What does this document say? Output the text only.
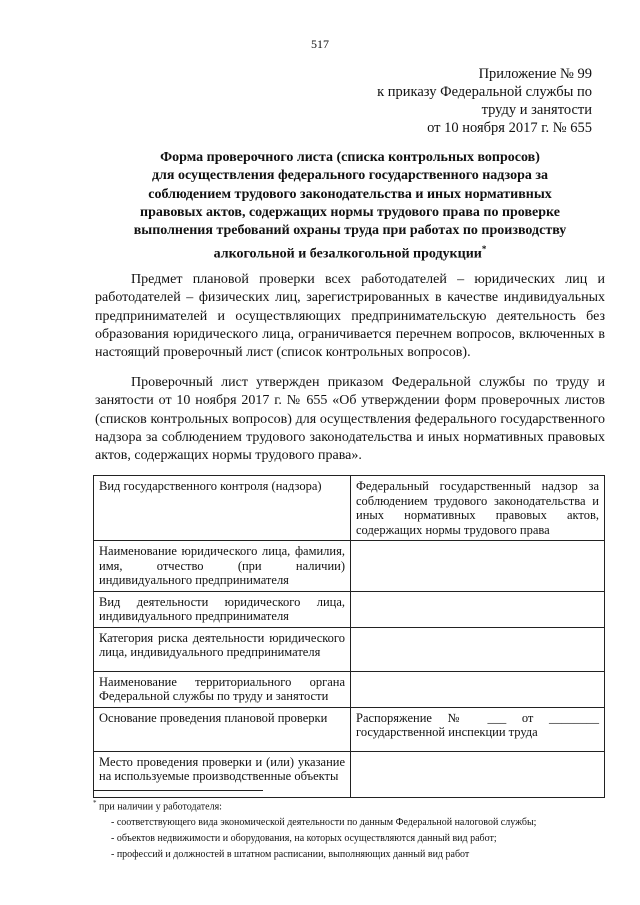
517
Приложение № 99
к приказу Федеральной службы по
труду и занятости
от 10 ноября 2017 г. № 655
Форма проверочного листа (списка контрольных вопросов)
для осуществления федерального государственного надзора за
соблюдением трудового законодательства и иных нормативных
правовых актов, содержащих нормы трудового права по проверке
выполнения требований охраны труда при работах по производству
алкогольной и безалкогольной продукции*
Предмет плановой проверки всех работодателей – юридических лиц и работодателей – физических лиц, зарегистрированных в качестве индивидуальных предпринимателей и осуществляющих предпринимательскую деятельность без образования юридического лица, ограничивается перечнем вопросов, включенных в настоящий проверочный лист (список контрольных вопросов).
Проверочный лист утвержден приказом Федеральной службы по труду и занятости от 10 ноября 2017 г. № 655 «Об утверждении форм проверочных листов (списков контрольных вопросов) для осуществления федерального государственного надзора за соблюдением трудового законодательства и иных нормативных правовых актов, содержащих нормы трудового права».
Вид государственного контроля (надзора)	Федеральный государственный надзор за соблюдением трудового законодательства и иных нормативных правовых актов, содержащих нормы трудового права
Наименование юридического лица, фамилия, имя, отчество (при наличии) индивидуального предпринимателя	
Вид деятельности юридического лица, индивидуального предпринимателя	
Категория риска деятельности юридического лица, индивидуального предпринимателя	
Наименование территориального органа Федеральной службы по труду и занятости	
Основание проведения плановой проверки	Распоряжение № ___ от ________ государственной инспекции труда
Место проведения проверки и (или) указание на используемые производственные объекты	
* при наличии у работодателя:
- соответствующего вида экономической деятельности по данным Федеральной налоговой службы;
- объектов недвижимости и оборудования, на которых осуществляются данный вид работ;
- профессий и должностей в штатном расписании, выполняющих данный вид работ
